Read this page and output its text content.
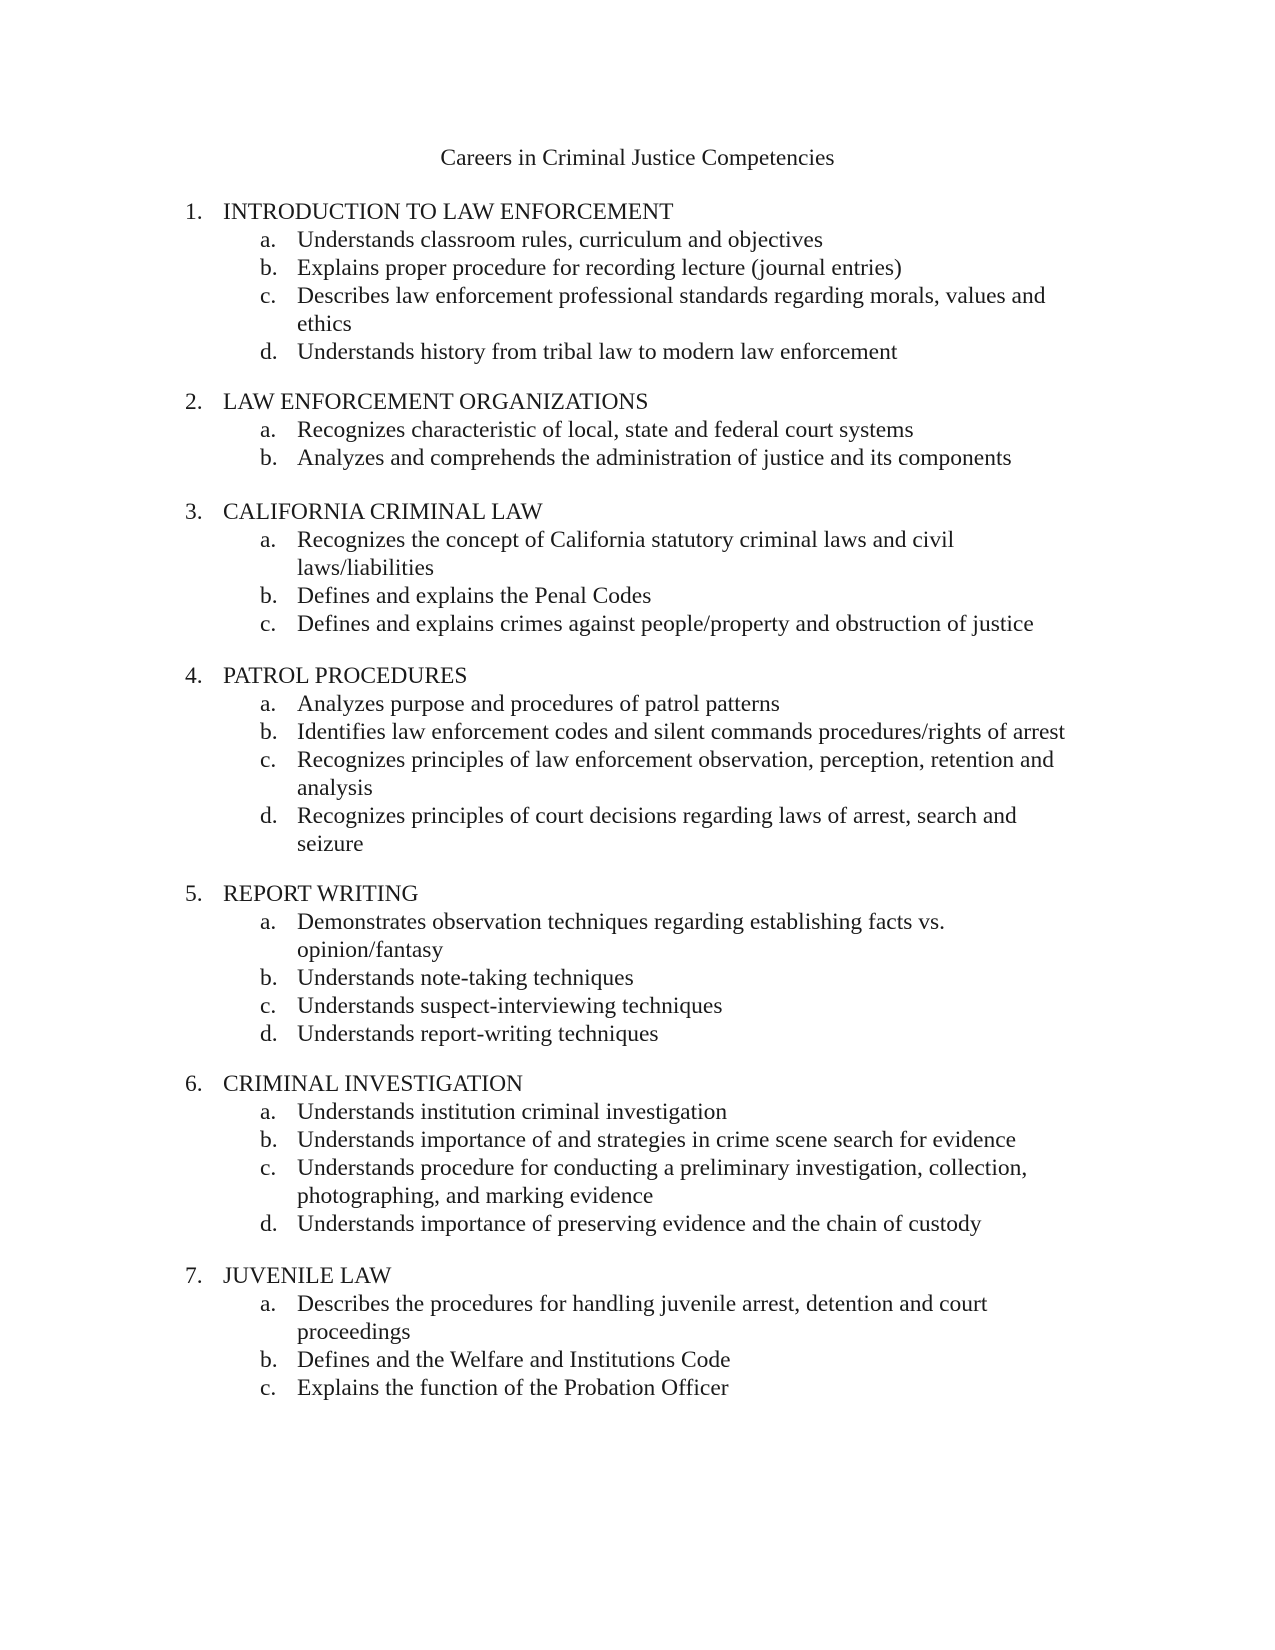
Careers in Criminal Justice Competencies
1. INTRODUCTION TO LAW ENFORCEMENT
a. Understands classroom rules, curriculum and objectives
b. Explains proper procedure for recording lecture (journal entries)
c. Describes law enforcement professional standards regarding morals, values and
ethics
d. Understands history from tribal law to modern law enforcement
2. LAW ENFORCEMENT ORGANIZATIONS
a. Recognizes characteristic of local, state and federal court systems
b. Analyzes and comprehends the administration of justice and its components
3. CALIFORNIA CRIMINAL LAW
a. Recognizes the concept of California statutory criminal laws and civil
laws/liabilities
b. Defines and explains the Penal Codes
c. Defines and explains crimes against people/property and obstruction of justice
4. PATROL PROCEDURES
a. Analyzes purpose and procedures of patrol patterns
b. Identifies law enforcement codes and silent commands procedures/rights of arrest
c. Recognizes principles of law enforcement observation, perception, retention and
analysis
d. Recognizes principles of court decisions regarding laws of arrest, search and
seizure
5. REPORT WRITING
a. Demonstrates observation techniques regarding establishing facts vs.
opinion/fantasy
b. Understands note-taking techniques
c. Understands suspect-interviewing techniques
d. Understands report-writing techniques
6. CRIMINAL INVESTIGATION
a. Understands institution criminal investigation
b. Understands importance of and strategies in crime scene search for evidence
c. Understands procedure for conducting a preliminary investigation, collection,
photographing, and marking evidence
d. Understands importance of preserving evidence and the chain of custody
7. JUVENILE LAW
a. Describes the procedures for handling juvenile arrest, detention and court
proceedings
b. Defines and the Welfare and Institutions Code
c. Explains the function of the Probation Officer
